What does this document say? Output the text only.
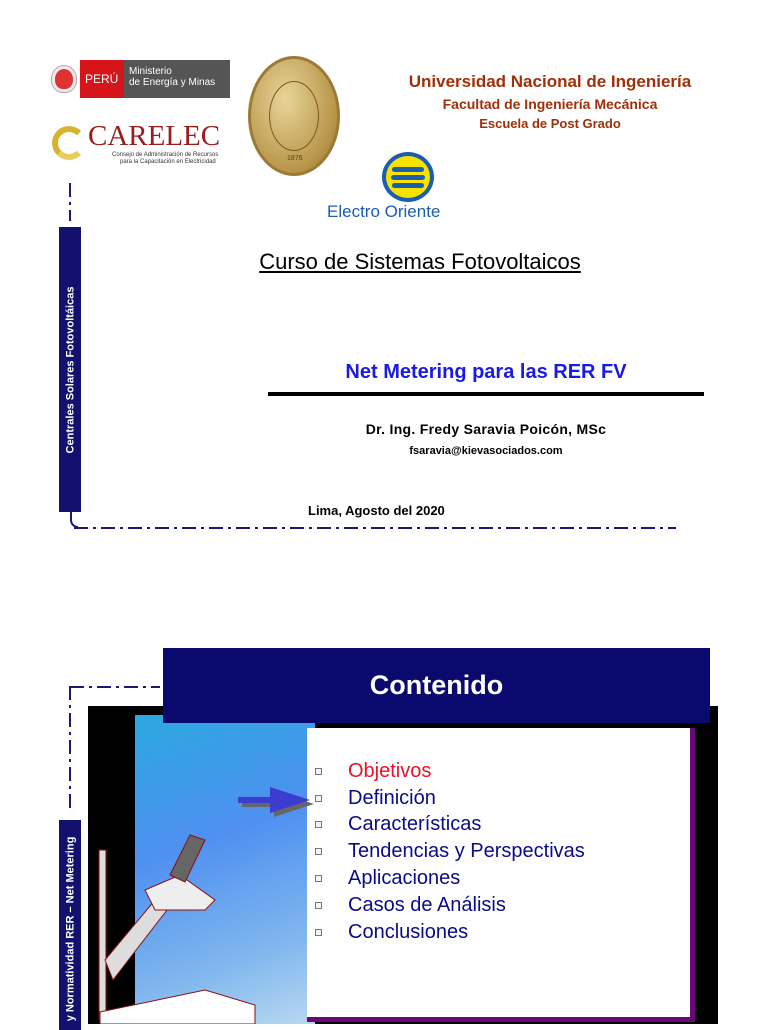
PERÚ
Ministerio
de Energía y Minas
CARELEC
Consejo de Administración de Recursos
para la Capacitación en Electricidad	1876
Electro Oriente
Universidad Nacional de Ingeniería
Facultad de Ingeniería Mecánica
Escuela de Post Grado
Centrales Solares Fotovoltáicas
Curso de Sistemas Fotovoltaicos
Net Metering para las RER FV
Dr. Ing. Fredy Saravia Poicón, MSc
fsaravia@kievasociados.com
Lima, Agosto del 2020
y Normatividad RER – Net Metering
Contenido
Objetivos
Definición
Características
Tendencias y Perspectivas
Aplicaciones
Casos de Análisis
Conclusiones
